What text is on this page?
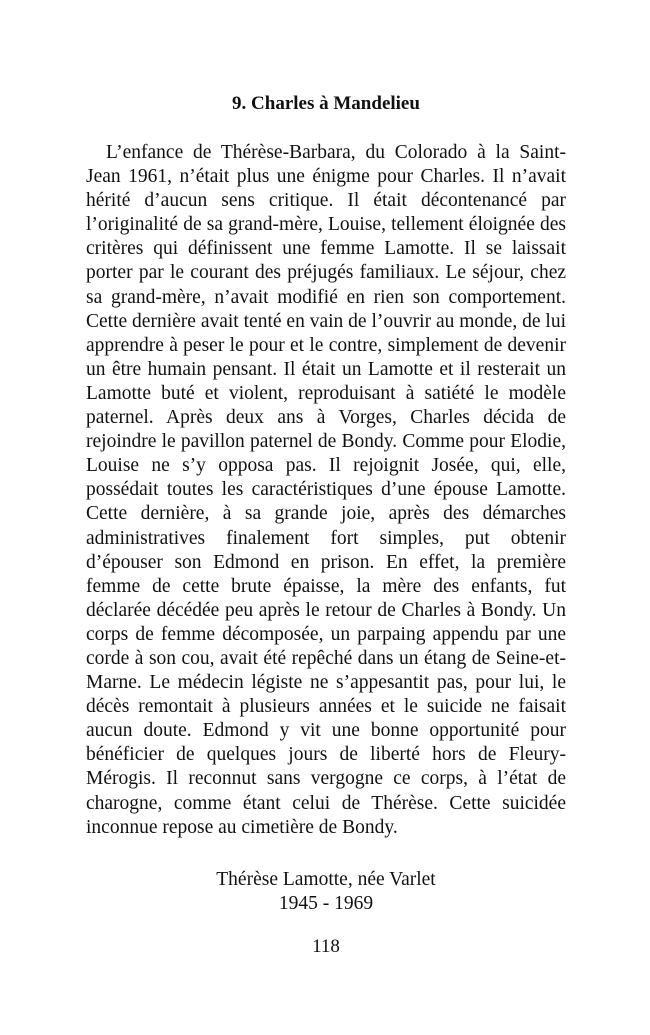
9. Charles à Mandelieu

L’enfance de Thérèse-Barbara, du Colorado à la Saint-Jean 1961, n’était plus une énigme pour Charles. Il n’avait hérité d’aucun sens critique. Il était décontenancé par l’originalité de sa grand-mère, Louise, tellement éloignée des critères qui définissent une femme Lamotte. Il se laissait porter par le courant des préjugés familiaux. Le séjour, chez sa grand-mère, n’avait modifié en rien son comportement. Cette dernière avait tenté en vain de l’ouvrir au monde, de lui apprendre à peser le pour et le contre, simplement de devenir un être humain pensant. Il était un Lamotte et il resterait un Lamotte buté et violent, reproduisant à satiété le modèle paternel. Après deux ans à Vorges, Charles décida de rejoindre le pavillon paternel de Bondy. Comme pour Elodie, Louise ne s’y opposa pas. Il rejoignit Josée, qui, elle, possédait toutes les caractéristiques d’une épouse Lamotte. Cette dernière, à sa grande joie, après des démarches administratives finalement fort simples, put obtenir d’épouser son Edmond en prison. En effet, la première femme de cette brute épaisse, la mère des enfants, fut déclarée décédée peu après le retour de Charles à Bondy. Un corps de femme décomposée, un parpaing appendu par une corde à son cou, avait été repêché dans un étang de Seine-et-Marne. Le médecin légiste ne s’appesantit pas, pour lui, le décès remontait à plusieurs années et le suicide ne faisait aucun doute. Edmond y vit une bonne opportunité pour bénéficier de quelques jours de liberté hors de Fleury-Mérogis. Il reconnut sans vergogne ce corps, à l’état de charogne, comme étant celui de Thérèse. Cette suicidée inconnue repose au cimetière de Bondy.

Thérèse Lamotte, née Varlet
1945 - 1969
118
